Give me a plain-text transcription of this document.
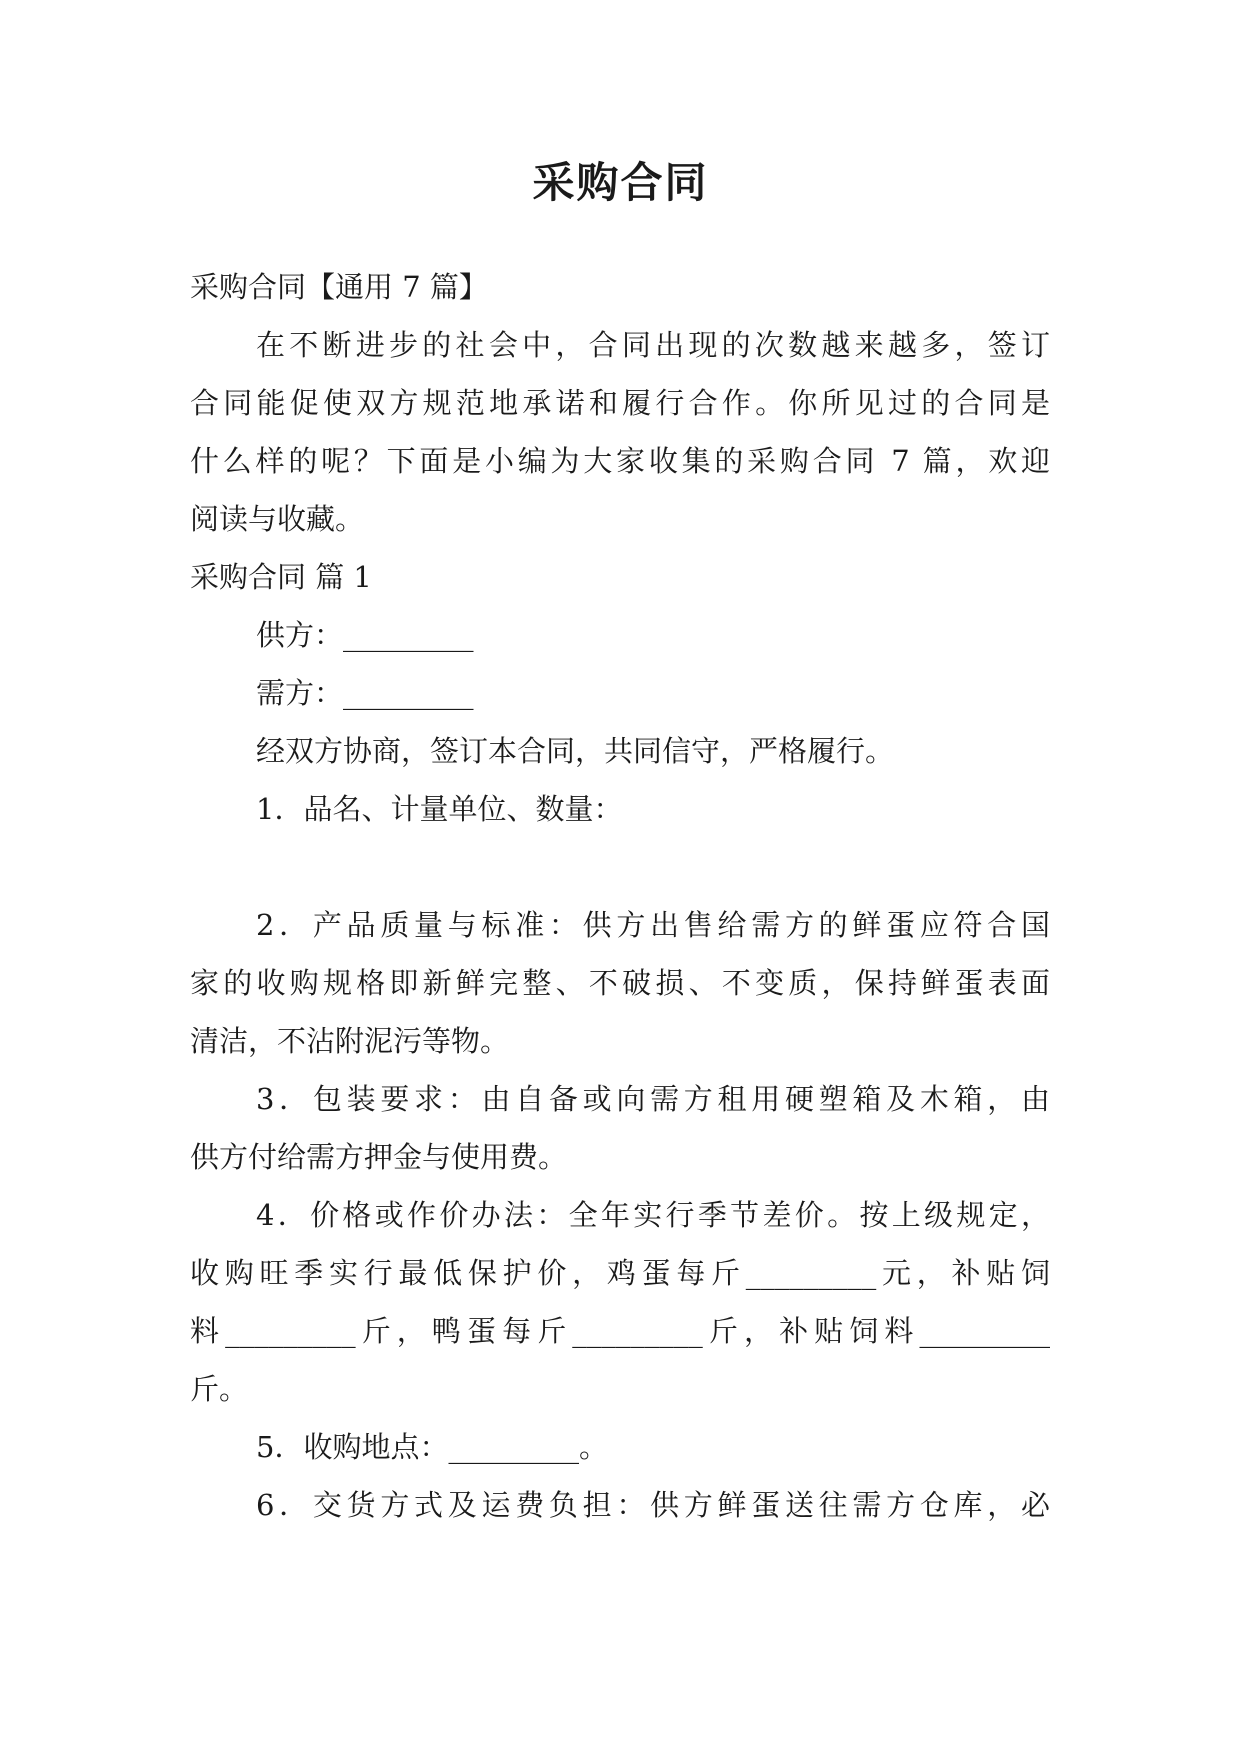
采购合同
采购合同【通用 7 篇】
在不断进步的社会中，合同出现的次数越来越多，签订
合同能促使双方规范地承诺和履行合作。你所见过的合同是
什么样的呢？下面是小编为大家收集的采购合同 7 篇，欢迎
阅读与收藏。
采购合同 篇 1
供方：_________
需方：_________
经双方协商，签订本合同，共同信守，严格履行。
1．品名、计量单位、数量：
2．产品质量与标准：供方出售给需方的鲜蛋应符合国
家的收购规格即新鲜完整、不破损、不变质，保持鲜蛋表面
清洁，不沾附泥污等物。
3．包装要求：由自备或向需方租用硬塑箱及木箱，由
供方付给需方押金与使用费。
4．价格或作价办法：全年实行季节差价。按上级规定，
收购旺季实行最低保护价，鸡蛋每斤_________元，补贴饲
料_________斤，鸭蛋每斤_________斤，补贴饲料_________
斤。
5．收购地点：_________。
6．交货方式及运费负担：供方鲜蛋送往需方仓库，必
